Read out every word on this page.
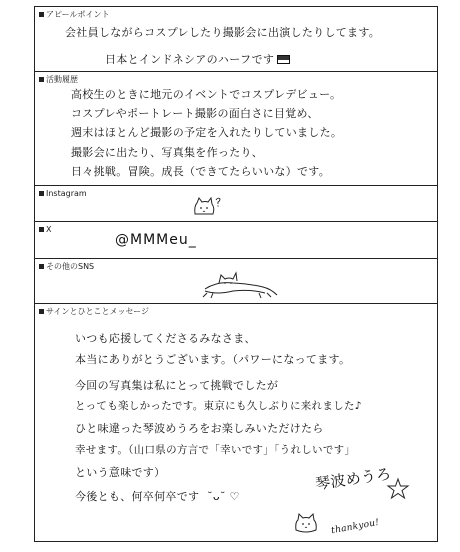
アピールポイント
会社員しながらコスプレしたり撮影会に出演したりしてます。
日本とインドネシアのハーフです
活動履歴
高校生のときに地元のイベントでコスプレデビュー。
コスプレやポートレート撮影の面白さに目覚め、
週末はほとんど撮影の予定を入れたりしていました。
撮影会に出たり、写真集を作ったり、
日々挑戦。冒険。成長（できてたらいいな）です。
Instagram
X
@MMMeu_
その他のSNS
サインとひとことメッセージ
いつも応援してくださるみなさま、
本当にありがとうございます。（パワーになってます。
今回の写真集は私にとって挑戦でしたが
とっても楽しかったです。東京にも久しぶりに来れました♪
ひと味違った琴波めうろをお楽しみいただけたら
幸せます。（山口県の方言で「幸いです」「うれしいです」
という意味です）
今後とも、何卒何卒です ˘ᴗ˘ ♡
琴波めうろ
thankyou!
